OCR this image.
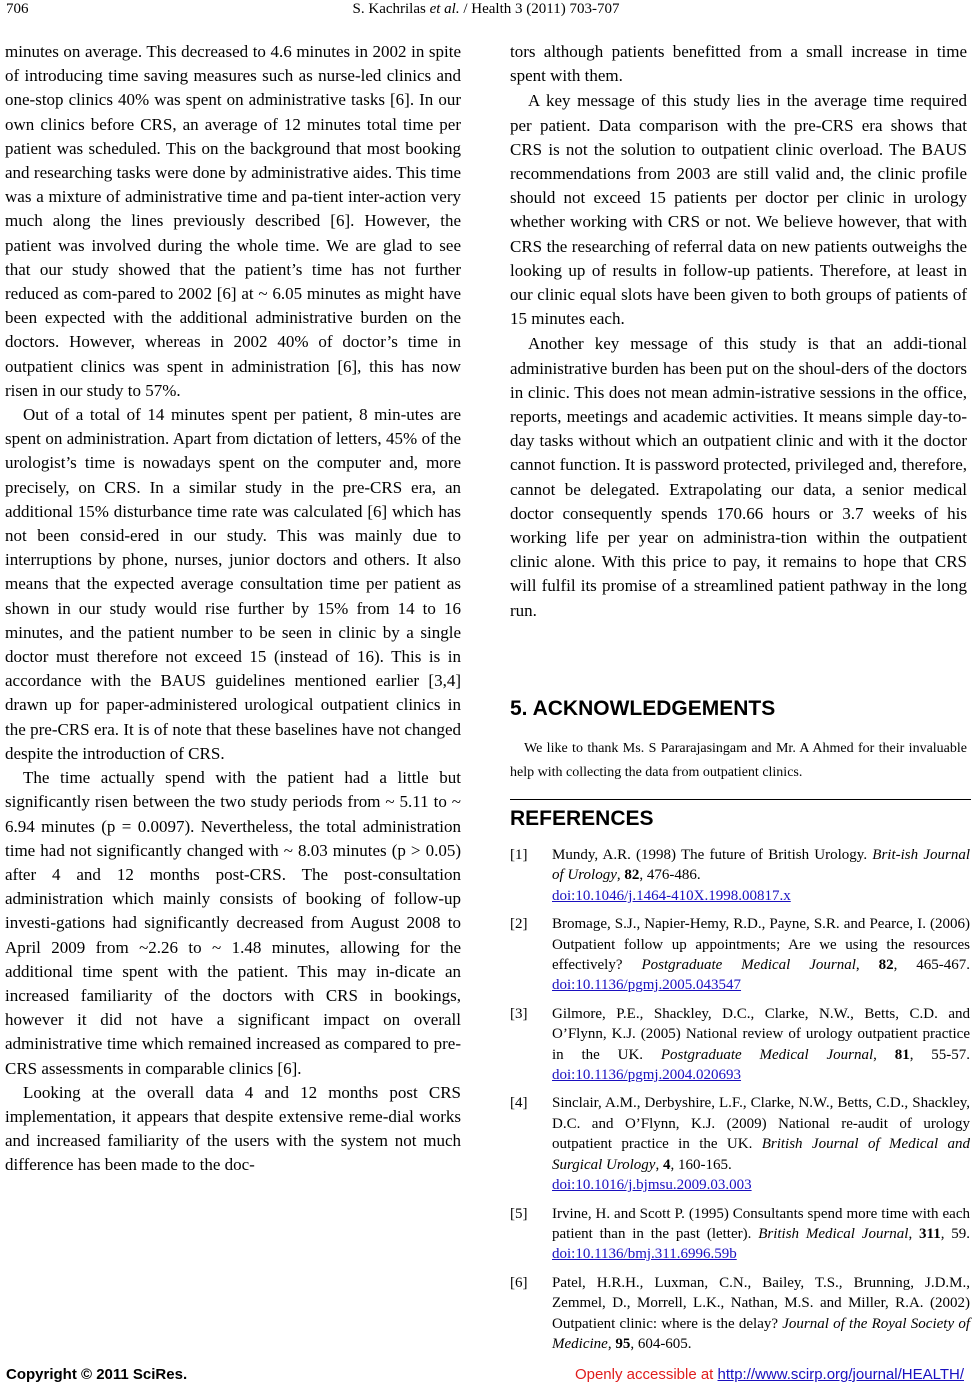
706	S. Kachrilas et al. / Health 3 (2011) 703-707

minutes on average. This decreased to 4.6 minutes in 2002 in spite of introducing time saving measures such as nurse-led clinics and one-stop clinics 40% was spent on administrative tasks [6]. In our own clinics before CRS, an average of 12 minutes total time per patient was scheduled. This on the background that most booking and researching tasks were done by administrative aides. This time was a mixture of administrative time and pa-tient inter-action very much along the lines previously described [6]. However, the patient was involved during the whole time. We are glad to see that our study showed that the patient’s time has not further reduced as com-pared to 2002 [6] at ~ 6.05 minutes as might have been expected with the additional administrative burden on the doctors. However, whereas in 2002 40% of doctor’s time in outpatient clinics was spent in administration [6], this has now risen in our study to 57%.

Out of a total of 14 minutes spent per patient, 8 min-utes are spent on administration. Apart from dictation of letters, 45% of the urologist’s time is nowadays spent on the computer and, more precisely, on CRS. In a similar study in the pre-CRS era, an additional 15% disturbance time rate was calculated [6] which has not been consid-ered in our study. This was mainly due to interruptions by phone, nurses, junior doctors and others. It also means that the expected average consultation time per patient as shown in our study would rise further by 15% from 14 to 16 minutes, and the patient number to be seen in clinic by a single doctor must therefore not exceed 15 (instead of 16). This is in accordance with the BAUS guidelines mentioned earlier [3,4] drawn up for paper-administered urological outpatient clinics in the pre-CRS era. It is of note that these baselines have not changed despite the introduction of CRS.

The time actually spend with the patient had a little but significantly risen between the two study periods from ~ 5.11 to ~ 6.94 minutes (p = 0.0097). Nevertheless, the total administration time had not significantly changed with ~ 8.03 minutes (p > 0.05) after 4 and 12 months post-CRS. The post-consultation administration which mainly consists of booking of follow-up investi-gations had significantly decreased from August 2008 to April 2009 from ~2.26 to ~ 1.48 minutes, allowing for the additional time spent with the patient. This may in-dicate an increased familiarity of the doctors with CRS in bookings, however it did not have a significant impact on overall administrative time which remained increased as compared to pre-CRS assessments in comparable clinics [6].

Looking at the overall data 4 and 12 months post CRS implementation, it appears that despite extensive reme-dial works and increased familiarity of the users with the system not much difference has been made to the doc-

tors although patients benefitted from a small increase in time spent with them.

A key message of this study lies in the average time required per patient. Data comparison with the pre-CRS era shows that CRS is not the solution to outpatient clinic overload. The BAUS recommendations from 2003 are still valid and, the clinic profile should not exceed 15 patients per doctor per clinic in urology whether working with CRS or not. We believe however, that with CRS the researching of referral data on new patients outweighs the looking up of results in follow-up patients. Therefore, at least in our clinic equal slots have been given to both groups of patients of 15 minutes each.

Another key message of this study is that an addi-tional administrative burden has been put on the shoul-ders of the doctors in clinic. This does not mean admin-istrative sessions in the office, reports, meetings and academic activities. It means simple day-to-day tasks without which an outpatient clinic and with it the doctor cannot function. It is password protected, privileged and, therefore, cannot be delegated. Extrapolating our data, a senior medical doctor consequently spends 170.66 hours or 3.7 weeks of his working life per year on administra-tion within the outpatient clinic alone. With this price to pay, it remains to hope that CRS will fulfil its promise of a streamlined patient pathway in the long run.

5. ACKNOWLEDGEMENTS
We like to thank Ms. S Pararajasingam and Mr. A Ahmed for their invaluable help with collecting the data from outpatient clinics.
REFERENCES
[1] Mundy, A.R. (1998) The future of British Urology. Brit-ish Journal of Urology, 82, 476-486.
doi:10.1046/j.1464-410X.1998.00817.x
[2] Bromage, S.J., Napier-Hemy, R.D., Payne, S.R. and Pearce, I. (2006) Outpatient follow up appointments; Are we using the resources effectively? Postgraduate Medical Journal, 82, 465-467. doi:10.1136/pgmj.2005.043547
[3] Gilmore, P.E., Shackley, D.C., Clarke, N.W., Betts, C.D. and O’Flynn, K.J. (2005) National review of urology outpatient practice in the UK. Postgraduate Medical Journal, 81, 55-57. doi:10.1136/pgmj.2004.020693
[4] Sinclair, A.M., Derbyshire, L.F., Clarke, N.W., Betts, C.D., Shackley, D.C. and O’Flynn, K.J. (2009) National re-audit of urology outpatient practice in the UK. British Journal of Medical and Surgical Urology, 4, 160-165.
doi:10.1016/j.bjmsu.2009.03.003
[5] Irvine, H. and Scott P. (1995) Consultants spend more time with each patient than in the past (letter). British Medical Journal, 311, 59. doi:10.1136/bmj.311.6996.59b
[6] Patel, H.R.H., Luxman, C.N., Bailey, T.S., Brunning, J.D.M., Zemmel, D., Morrell, L.K., Nathan, M.S. and Miller, R.A. (2002) Outpatient clinic: where is the delay? Journal of the Royal Society of Medicine, 95, 604-605.
Copyright © 2011 SciRes.	Openly accessible at http://www.scirp.org/journal/HEALTH/
